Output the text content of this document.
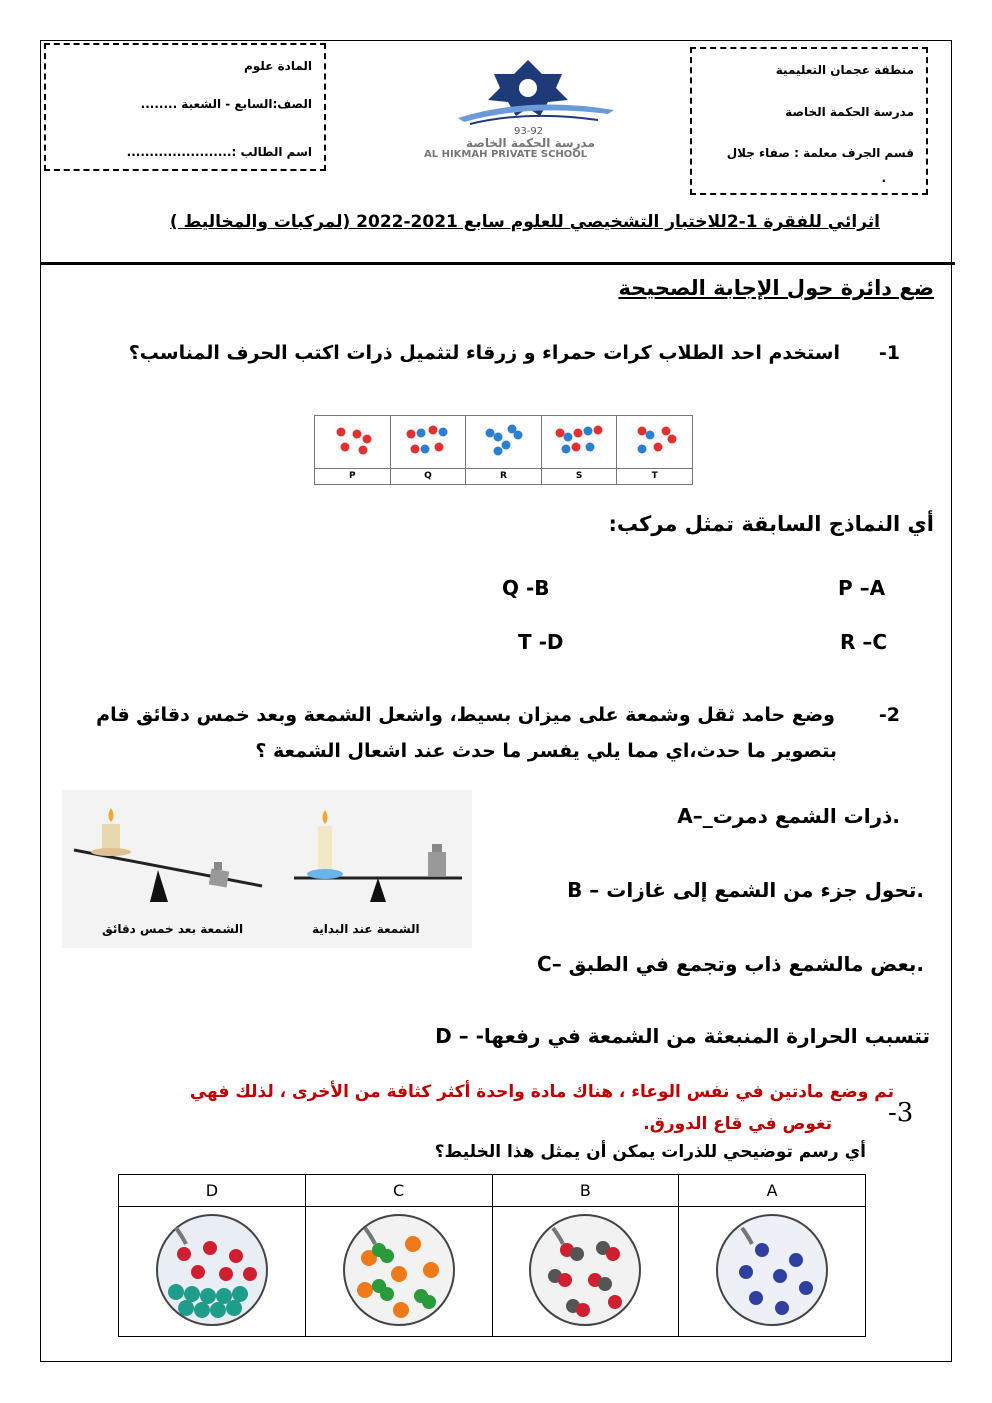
منطقة عجمان التعليمية
مدرسة الحكمة الخاصة
قسم الجرف معلمة : صفاء جلال
.
المادة علوم
الصف:السابع - الشعبة ........
اسم الطالب :.......................
93-92
مدرسة الحكمة الخاصة
AL HIKMAH PRIVATE SCHOOL
اثرائي للفقرة 1-2للاختبار التشخيصي للعلوم سابع 2021-2022 (لمركبات والمخاليط )
ضع دائرة حول الإجابة الصحيحة
-1
استخدم احد الطلاب كرات حمراء و زرقاء لتثميل ذرات اكتب الحرف المناسب؟

P	Q	R	S	T
أي النماذج السابقة تمثل مركب:
P –A
Q -B
R –C
T -D
-2
وضع حامد ثقل وشمعة على ميزان بسيط، واشعل الشمعة وبعد خمس دقائق قام
بتصوير ما حدث،اي مما يلي يفسر ما حدث عند اشعال الشمعة ؟
الشمعة بعد خمس دقائق	الشمعة عند البداية
A–_ذرات الشمع دمرت.
B – تحول جزء من الشمع إلى غازات.
C– بعض مالشمع ذاب وتجمع في الطبق.
D – -تتسبب الحرارة المنبعثة من الشمعة في رفعها
-3
تم وضع مادتين في نفس الوعاء ، هناك مادة واحدة أكثر كثافة من الأخرى ، لذلك فهي
تغوص في قاع الدورق.
أي رسم توضيحي للذرات يمكن أن يمثل هذا الخليط؟
D	C	B	A
